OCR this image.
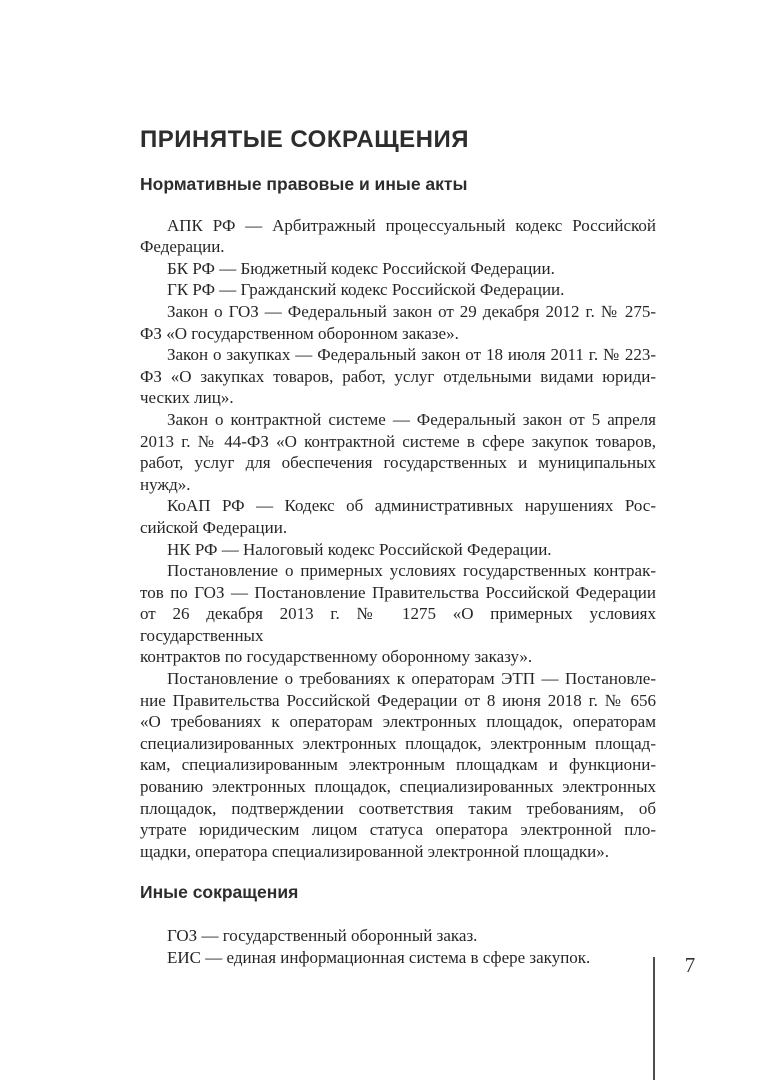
ПРИНЯТЫЕ СОКРАЩЕНИЯ
Нормативные правовые и иные акты
АПК РФ — Арбитражный процессуальный кодекс Российской
Федерации.
БК РФ — Бюджетный кодекс Российской Федерации.
ГК РФ — Гражданский кодекс Российской Федерации.
Закон о ГОЗ — Федеральный закон от 29 декабря 2012 г. № 275-
ФЗ «О государственном оборонном заказе».
Закон о закупках — Федеральный закон от 18 июля 2011 г. № 223-
ФЗ «О закупках товаров, работ, услуг отдельными видами юриди-
ческих лиц».
Закон о контрактной системе — Федеральный закон от 5 апреля
2013 г. № 44-ФЗ «О контрактной системе в сфере закупок товаров,
работ, услуг для обеспечения государственных и муниципальных
нужд».
КоАП РФ — Кодекс об административных нарушениях Рос-
сийской Федерации.
НК РФ — Налоговый кодекс Российской Федерации.
Постановление о примерных условиях государственных контрак-
тов по ГОЗ — Постановление Правительства Российской Федерации
от 26 декабря 2013 г. № 1275 «О примерных условиях государственных
контрактов по государственному оборонному заказу».
Постановление о требованиях к операторам ЭТП — Постановле-
ние Правительства Российской Федерации от 8 июня 2018 г. № 656
«О требованиях к операторам электронных площадок, операторам
специализированных электронных площадок, электронным площад-
кам, специализированным электронным площадкам и функциони-
рованию электронных площадок, специализированных электронных
площадок, подтверждении соответствия таким требованиям, об
утрате юридическим лицом статуса оператора электронной пло-
щадки, оператора специализированной электронной площадки».
Иные сокращения
ГОЗ — государственный оборонный заказ.
ЕИС — единая информационная система в сфере закупок.	7
